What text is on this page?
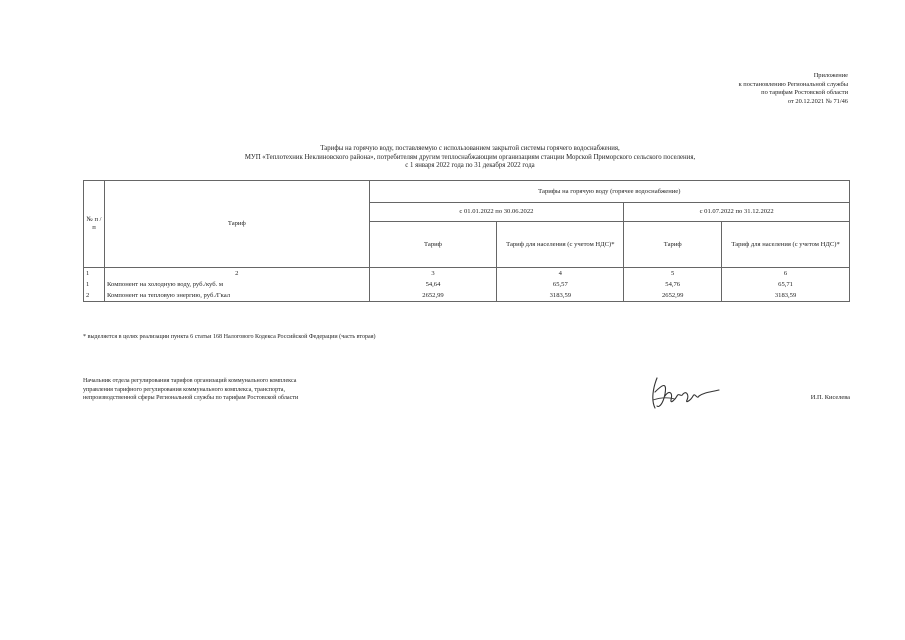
Приложение
к постановлению Региональной службы
по тарифам Ростовской области
от 20.12.2021 № 71/46
Тарифы на горячую воду, поставляемую с использованием закрытой системы горячего водоснабжения,
МУП «Теплотехник Неклиновского района», потребителям другим теплоснабжающим организациям станции Морской Приморского сельского поселения,
с 1 января 2022 года по 31 декабря 2022 года
№ п /п	Тариф	Тарифы на горячую воду (горячее водоснабжение)			
		с 01.01.2022 по 30.06.2022		с 01.07.2022 по 31.12.2022	
		Тариф	Тариф для населения (с учетом НДС)*	Тариф	Тариф для населения (с учетом НДС)*
1	2	3	4	5	6
1	Компонент на холодную воду, руб./куб. м	54,64	65,57	54,76	65,71
2	Компонент на тепловую энергию, руб./Гкал	2652,99	3183,59	2652,99	3183,59
* выделяется в целях реализации пункта 6 статьи 168 Налогового Кодекса Российской Федерации (часть вторая)
Начальник отдела регулирования тарифов организаций коммунального комплекса
управления тарифного регулирования коммунального комплекса, транспорта,
непроизводственной сферы Региональной службы по тарифам Ростовской области	И.П. Киселева
